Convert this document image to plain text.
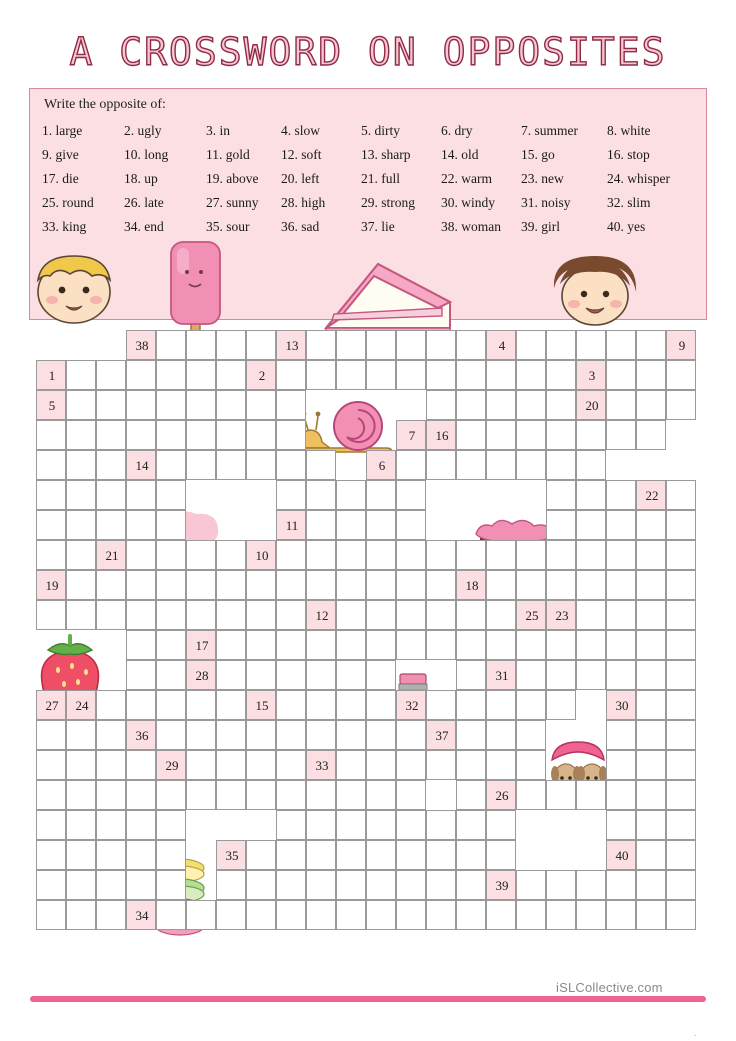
A CROSSWORD ON OPPOSITES
Write the opposite of:
1. large	2. ugly	3. in	4. slow	5. dirty	6. dry	7. summer	8. white
9. give	10. long	11. gold	12. soft	13. sharp	14. old	15. go	16. stop
17. die	18. up	19. above	20. left	21. full	22. warm	23. new	24. whisper
25. round	26. late	27. sunny	28. high	29. strong	30. windy	31. noisy	32. slim
33. king	34. end	35. sour	36. sad	37. lie	38. woman	39. girl	40. yes
38	13	4	9
1	2	3
5	20
7	16
14	6
22
11
21	10
19	18
12	25	23
17
28	31
27	24	15	32	30
36	37
29	33
26
35	40
39
34
iSLCollective.com
.
